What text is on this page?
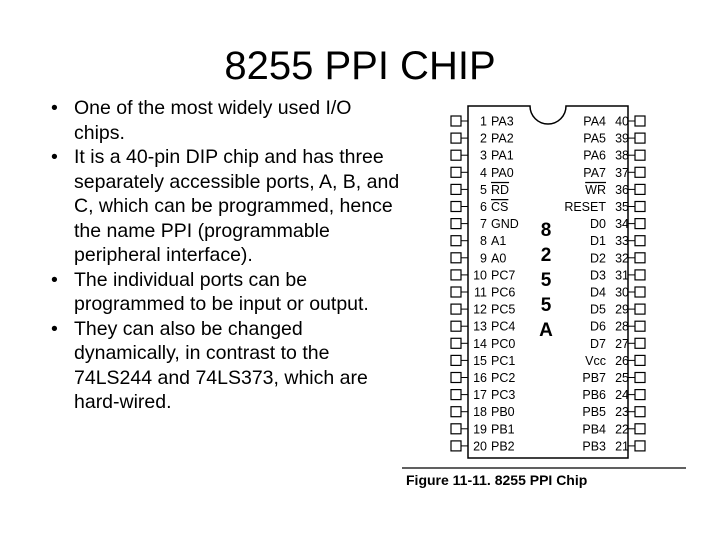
8255 PPI CHIP
• One of the most widely used I/O chips.
• It is a 40-pin DIP chip and has three separately accessible ports, A, B, and C, which can be programmed, hence the name PPI (programmable peripheral interface).
• The individual ports can be programmed to be input or output.
• They can also be changed dynamically, in contrast to the 74LS244 and 74LS373, which are hard-wired.
1 PA3
2 PA2
3 PA1
4 PA0
5 RD
6 CS
7 GND
8 A1
9 A0
10 PC7
11 PC6
12 PC5
13 PC4
14 PC0
15 PC1
16 PC2
17 PC3
18 PB0
19 PB1
20 PB2
40
PA4
39
PA5
38
PA6
37
PA7
36
WR
35
RESET
34
D0
33
D1
32
D2
31
D3
30
D4
29
D5
28
D6
27
D7
26
Vcc
25
PB7
24
PB6
23
PB5
22
PB4
21
PB3
8
2
5
5
A
Figure 11-11. 8255 PPI Chip
